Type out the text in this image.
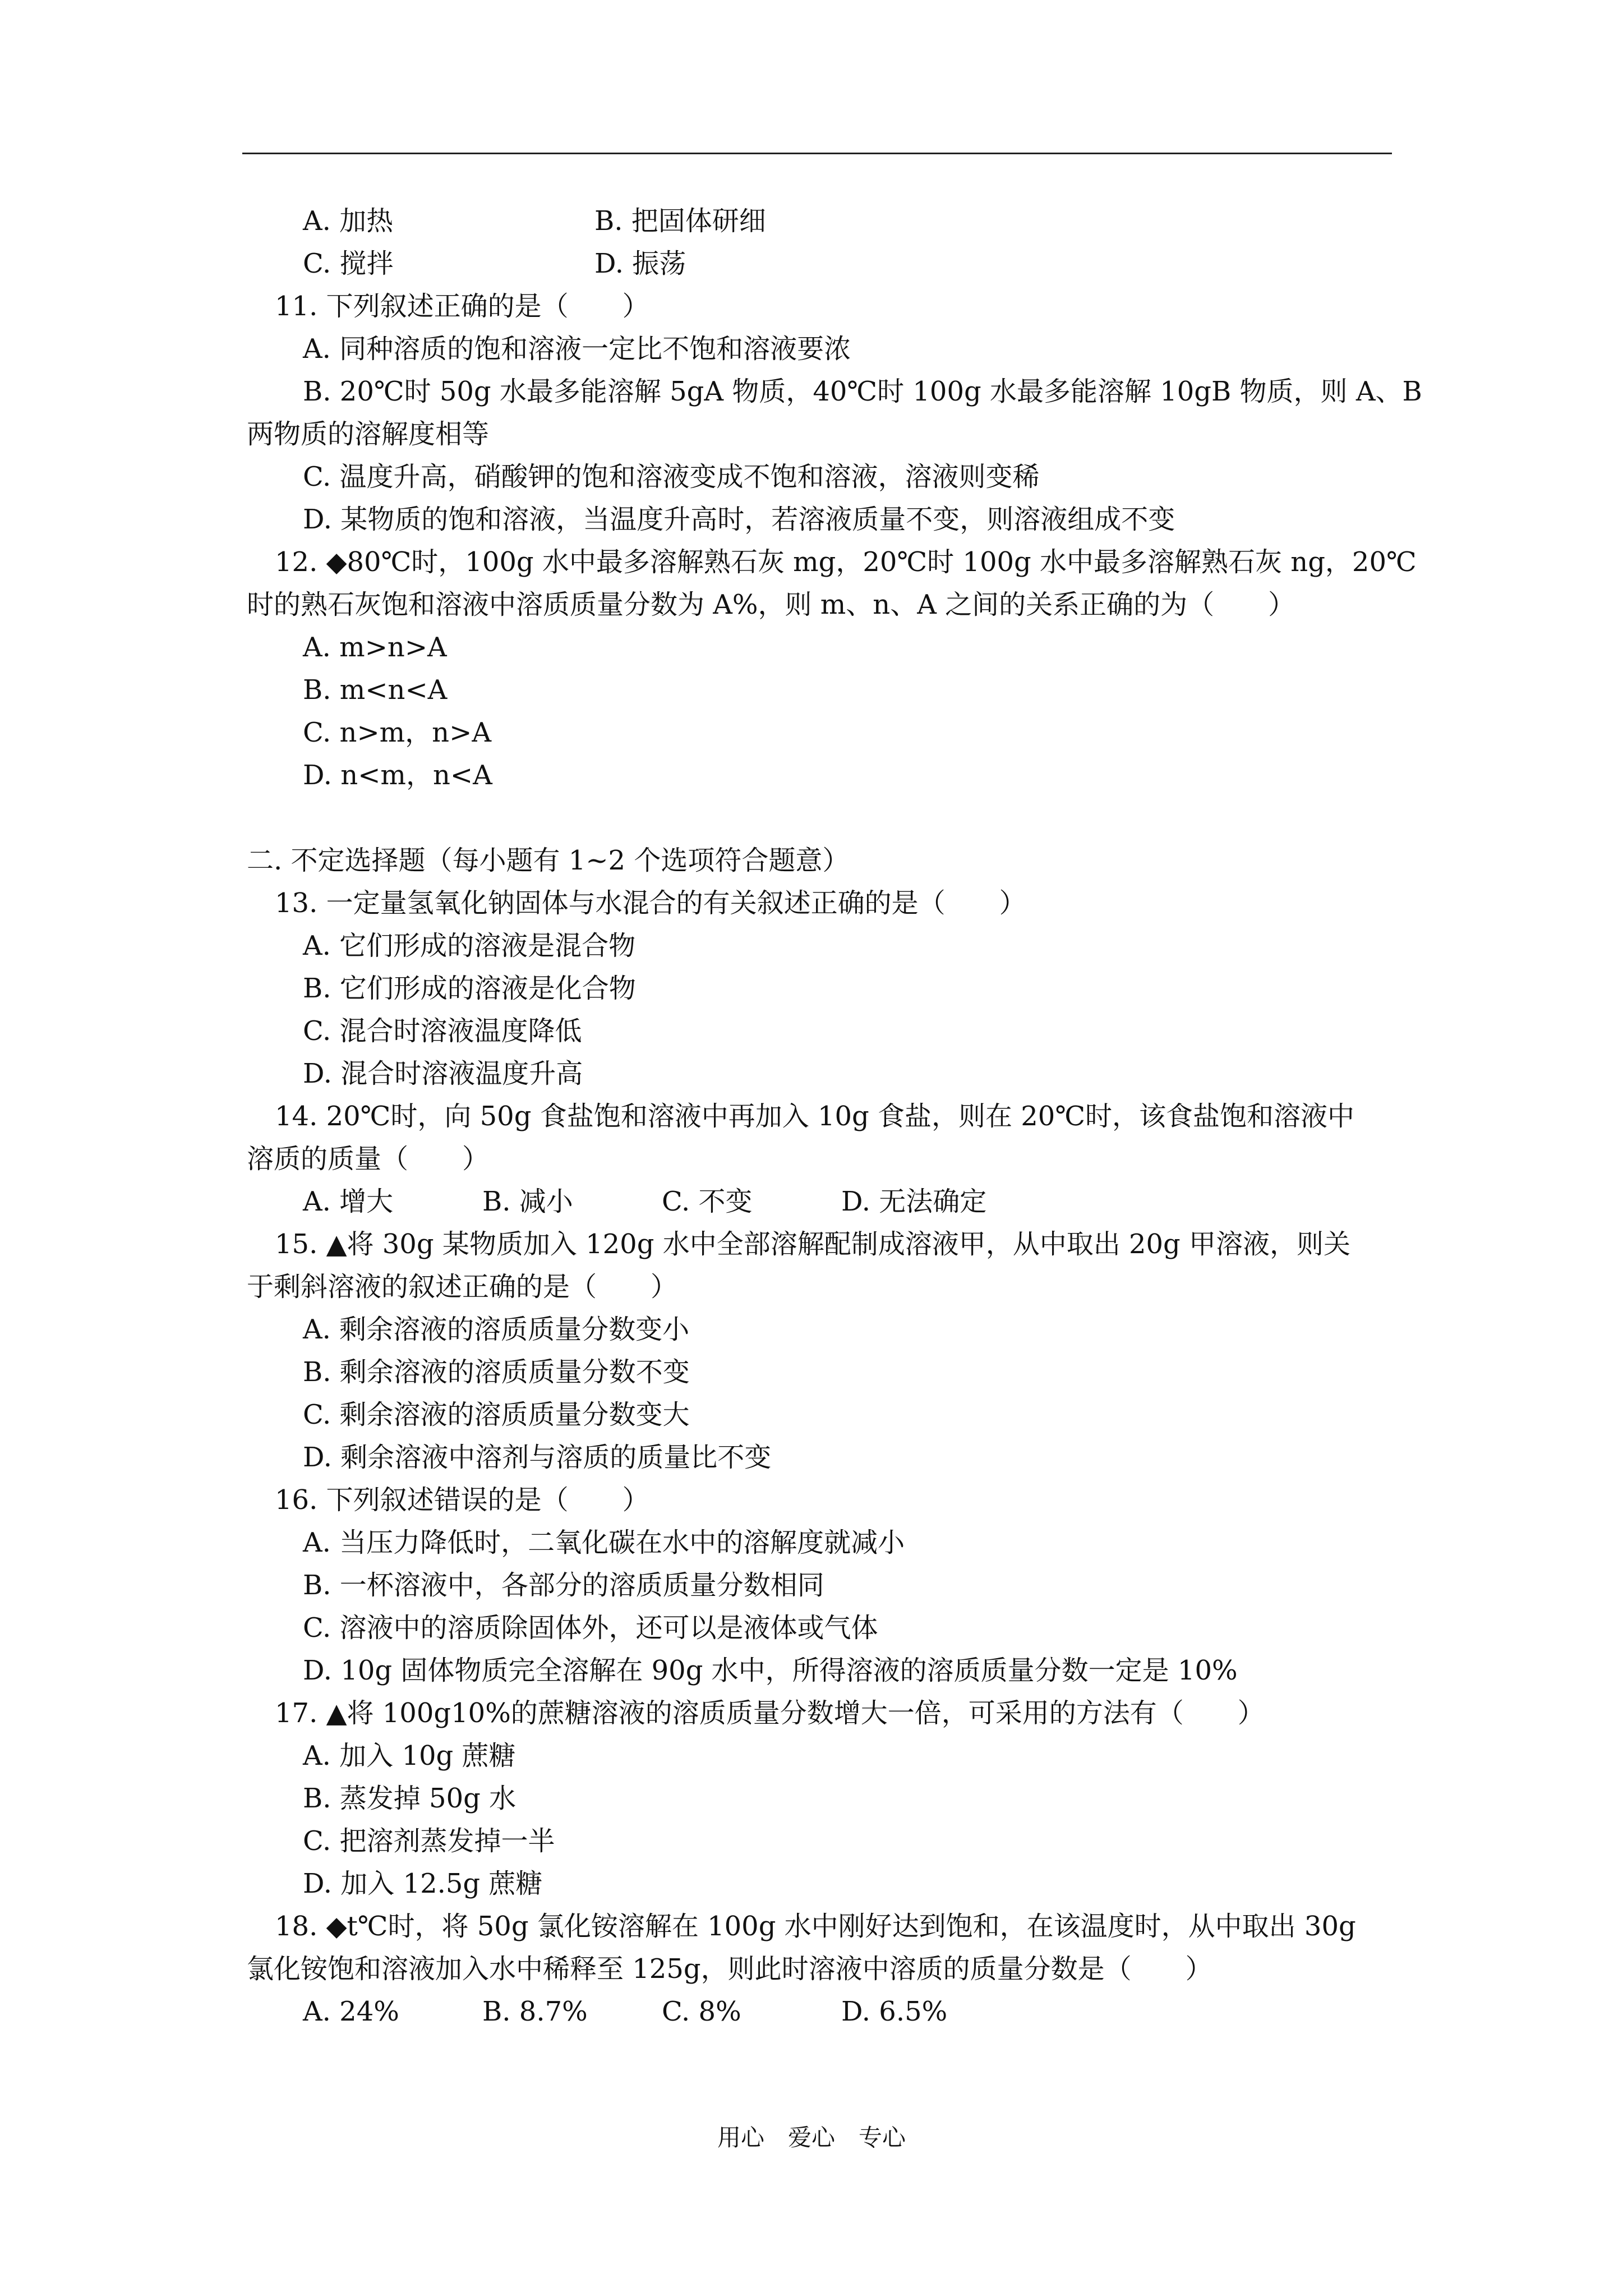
A. 加热	B. 把固体研细
C. 搅拌	D. 振荡
11. 下列叙述正确的是（　　）
A. 同种溶质的饱和溶液一定比不饱和溶液要浓
B. 20℃时 50g 水最多能溶解 5gA 物质，40℃时 100g 水最多能溶解 10gB 物质，则 A、B
两物质的溶解度相等
C. 温度升高，硝酸钾的饱和溶液变成不饱和溶液，溶液则变稀
D. 某物质的饱和溶液，当温度升高时，若溶液质量不变，则溶液组成不变
12. ◆80℃时，100g 水中最多溶解熟石灰 mg，20℃时 100g 水中最多溶解熟石灰 ng，20℃
时的熟石灰饱和溶液中溶质质量分数为 A%，则 m、n、A 之间的关系正确的为（　　）
A. m>n>A
B. m<n<A
C. n>m，n>A
D. n<m，n<A
二. 不定选择题（每小题有 1~2 个选项符合题意）
13. 一定量氢氧化钠固体与水混合的有关叙述正确的是（　　）
A. 它们形成的溶液是混合物
B. 它们形成的溶液是化合物
C. 混合时溶液温度降低
D. 混合时溶液温度升高
14. 20℃时，向 50g 食盐饱和溶液中再加入 10g 食盐，则在 20℃时，该食盐饱和溶液中
溶质的质量（　　）
A. 增大	B. 减小	C. 不变	D. 无法确定
15. ▲将 30g 某物质加入 120g 水中全部溶解配制成溶液甲，从中取出 20g 甲溶液，则关
于剩斜溶液的叙述正确的是（　　）
A. 剩余溶液的溶质质量分数变小
B. 剩余溶液的溶质质量分数不变
C. 剩余溶液的溶质质量分数变大
D. 剩余溶液中溶剂与溶质的质量比不变
16. 下列叙述错误的是（　　）
A. 当压力降低时，二氧化碳在水中的溶解度就减小
B. 一杯溶液中，各部分的溶质质量分数相同
C. 溶液中的溶质除固体外，还可以是液体或气体
D. 10g 固体物质完全溶解在 90g 水中，所得溶液的溶质质量分数一定是 10%
17. ▲将 100g10%的蔗糖溶液的溶质质量分数增大一倍，可采用的方法有（　　）
A. 加入 10g 蔗糖
B. 蒸发掉 50g 水
C. 把溶剂蒸发掉一半
D. 加入 12.5g 蔗糖
18. ◆t℃时，将 50g 氯化铵溶解在 100g 水中刚好达到饱和，在该温度时，从中取出 30g
氯化铵饱和溶液加入水中稀释至 125g，则此时溶液中溶质的质量分数是（　　）
A. 24%	B. 8.7%	C. 8%	D. 6.5%
用心　爱心　专心
